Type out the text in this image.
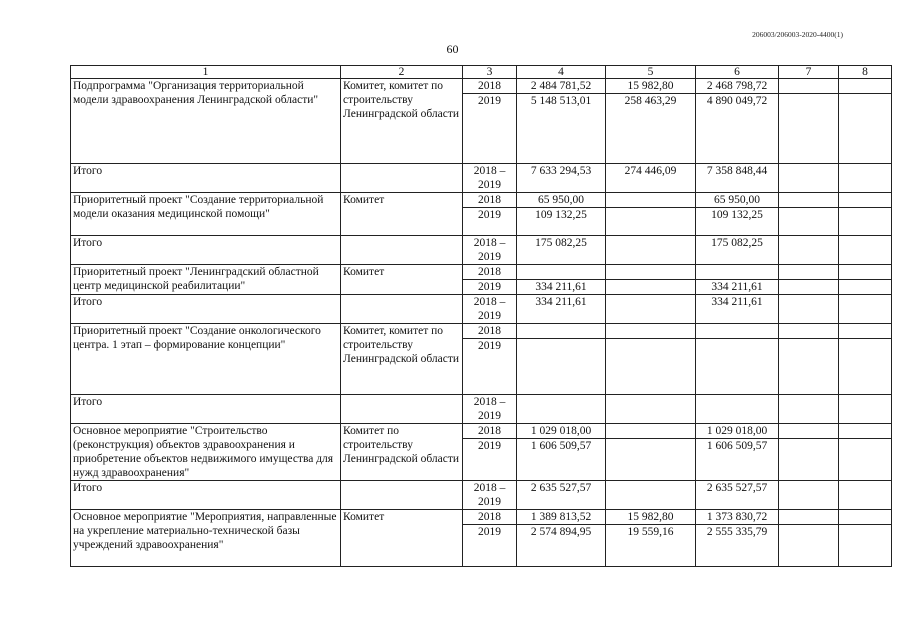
206003/206003-2020-4400(1)
60
1	2	3	4	5	6	7	8
Подпрограмма "Организация территориальной модели здравоохранения Ленинградской области"	Комитет, комитет по строительству Ленинградской области	2018	2 484 781,52	15 982,80	2 468 798,72		
		2019	5 148 513,01	258 463,29	4 890 049,72		
Итого		2018 – 2019	7 633 294,53	274 446,09	7 358 848,44		
Приоритетный проект "Создание территориальной модели оказания медицинской помощи"	Комитет	2018	65 950,00		65 950,00		
		2019	109 132,25		109 132,25		
Итого		2018 – 2019	175 082,25		175 082,25		
Приоритетный проект "Ленинградский областной центр медицинской реабилитации"	Комитет	2018					
		2019	334 211,61		334 211,61		
Итого		2018 – 2019	334 211,61		334 211,61		
Приоритетный проект "Создание онкологического центра. 1 этап – формирование концепции"	Комитет, комитет по строительству Ленинградской области	2018					
		2019					
Итого		2018 – 2019					
Основное мероприятие "Строительство (реконструкция) объектов здравоохранения и приобретение объектов недвижимого имущества для нужд здравоохранения"	Комитет по строительству Ленинградской области	2018	1 029 018,00		1 029 018,00		
		2019	1 606 509,57		1 606 509,57		
Итого		2018 – 2019	2 635 527,57		2 635 527,57		
Основное мероприятие "Мероприятия, направленные на укрепление материально-технической базы учреждений здравоохранения"	Комитет	2018	1 389 813,52	15 982,80	1 373 830,72		
		2019	2 574 894,95	19 559,16	2 555 335,79		
